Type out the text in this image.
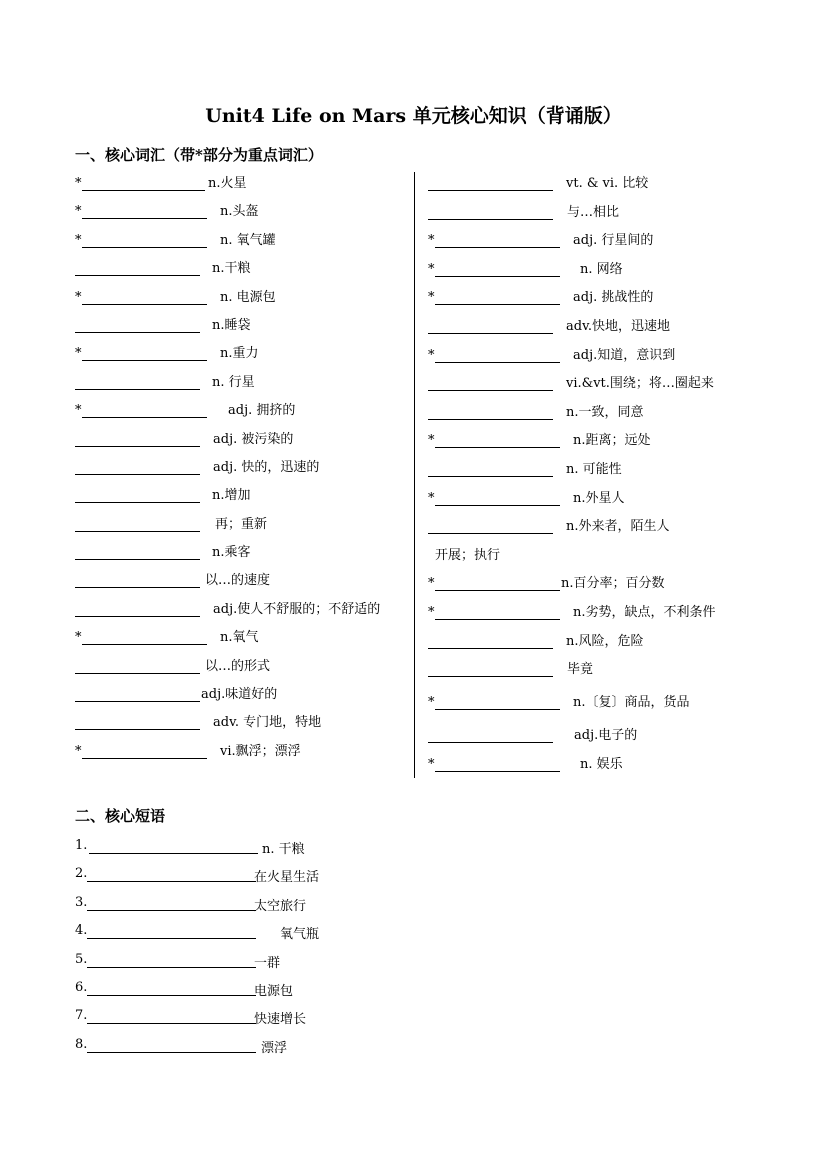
Unit4 Life on Mars 单元核心知识（背诵版）
一、核心词汇（带*部分为重点词汇）
*	n.火星
*	n.头盔
*	n. 氧气罐
n.干粮
*	n. 电源包
n.睡袋
*	n.重力
n. 行星
*	adj. 拥挤的
adj. 被污染的
adj. 快的，迅速的
n.增加
再；重新
n.乘客
以…的速度
adj.使人不舒服的；不舒适的
*	n.氧气
以…的形式
adj.味道好的
adv. 专门地，特地
*	vi.飘浮；漂浮
vt. & vi. 比较
与…相比
*	adj. 行星间的
*	n. 网络
*	adj. 挑战性的
adv.快地，迅速地
*	adj.知道，意识到
vi.&vt.围绕；将…圈起来
n.一致，同意
*	n.距离；远处
n. 可能性
*	n.外星人
n.外来者，陌生人
开展；执行
*	n.百分率；百分数
*	n.劣势，缺点，不利条件
n.风险，危险
毕竟
*	n.〔复〕商品，货品
adj.电子的
*	n. 娱乐
二、核心短语
1.	n. 干粮
2.	在火星生活
3.	太空旅行
4.	氧气瓶
5.	一群
6.	电源包
7.	快速增长
8.	漂浮
